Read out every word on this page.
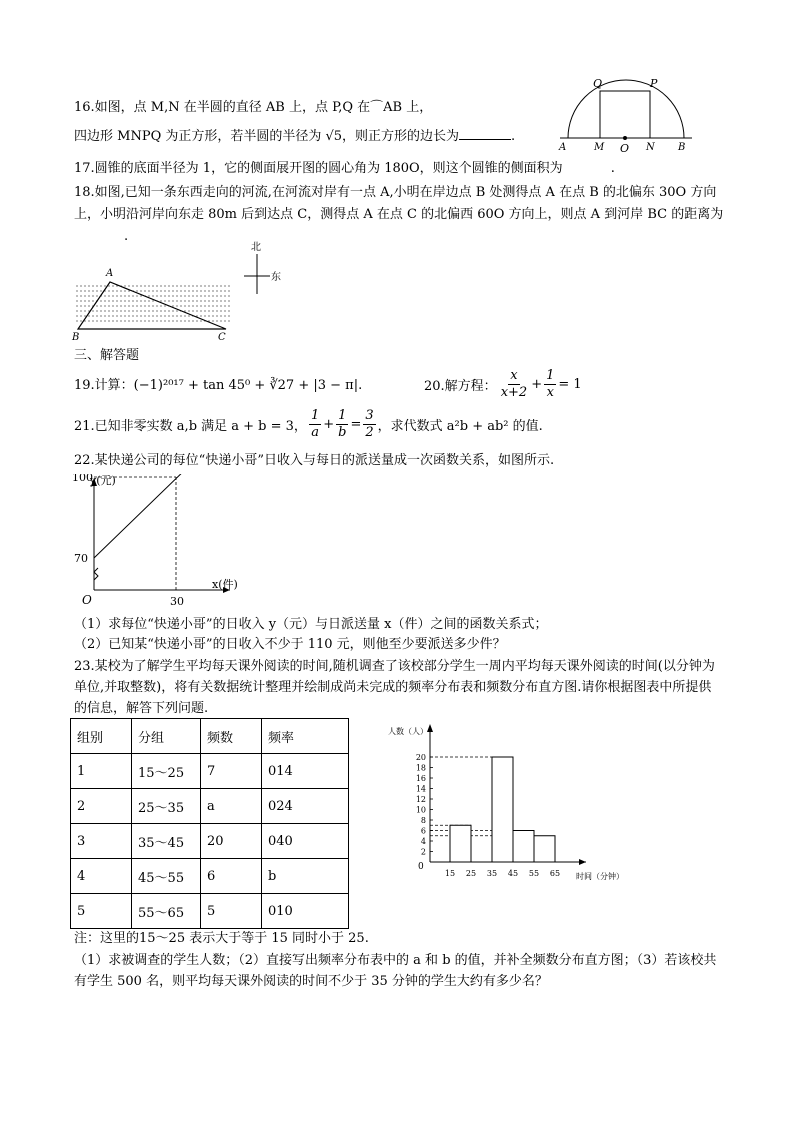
16.如图，点 M,N 在半圆的直径 AB 上，点 P,Q 在⌒AB 上，
四边形 MNPQ 为正方形，若半圆的半径为 √5，则正方形的边长为	.
Q	P
A	M O N B
17.圆锥的底面半径为 1，它的侧面展开图的圆心角为 180O，则这个圆锥的侧面积为	.
18.如图,已知一条东西走向的河流,在河流对岸有一点 A,小明在岸边点 B 处测得点 A 在点 B 的北偏东 30O 方向上，小明沿河岸向东走 80m 后到达点 C，测得点 A 在点 C 的北偏西 60O 方向上，则点 A 到河岸 BC 的距离为.
A
B	C
北
东
三、解答题
19.计算：(−1)²⁰¹⁷ + tan 45⁰ + ∛27 + |3 − π|.	20.解方程： $\frac{x}{x+2} + \frac{1}{x} = 1$
21.已知非零实数 a,b 满足 a + b = 3， $\frac{1}{a} + \frac{1}{b} = \frac{3}{2}$ ，求代数式 a²b + ab² 的值.
22.某快递公司的每位“快递小哥”日收入与每日的派送量成一次函数关系，如图所示.
70
100
30
O
y(元)
x(件)
（1）求每位“快递小哥”的日收入 y（元）与日派送量 x（件）之间的函数关系式；
（2）已知某“快递小哥”的日收入不少于 110 元，则他至少要派送多少件？
23.某校为了解学生平均每天课外阅读的时间,随机调查了该校部分学生一周内平均每天课外阅读的时间(以分钟为单位,并取整数)，将有关数据统计整理并绘制成尚未完成的频率分布表和频数分布直方图.请你根据图表中所提供的信息，解答下列问题.
组别	分组	频数	频率
1	15～25	7	014
2	25～35	a	024
3	35～45	20	040
4	45～55	6	b
5	55～65	5	010
人数（人）
时间（分钟）
0
2
4
6
8
10
12
14
16
18
20
15 25 35 45 55 65
注：这里的15～25 表示大于等于 15 同时小于 25.
（1）求被调查的学生人数；（2）直接写出频率分布表中的 a 和 b 的值，并补全频数分布直方图；（3）若该校共有学生 500 名，则平均每天课外阅读的时间不少于 35 分钟的学生大约有多少名？
